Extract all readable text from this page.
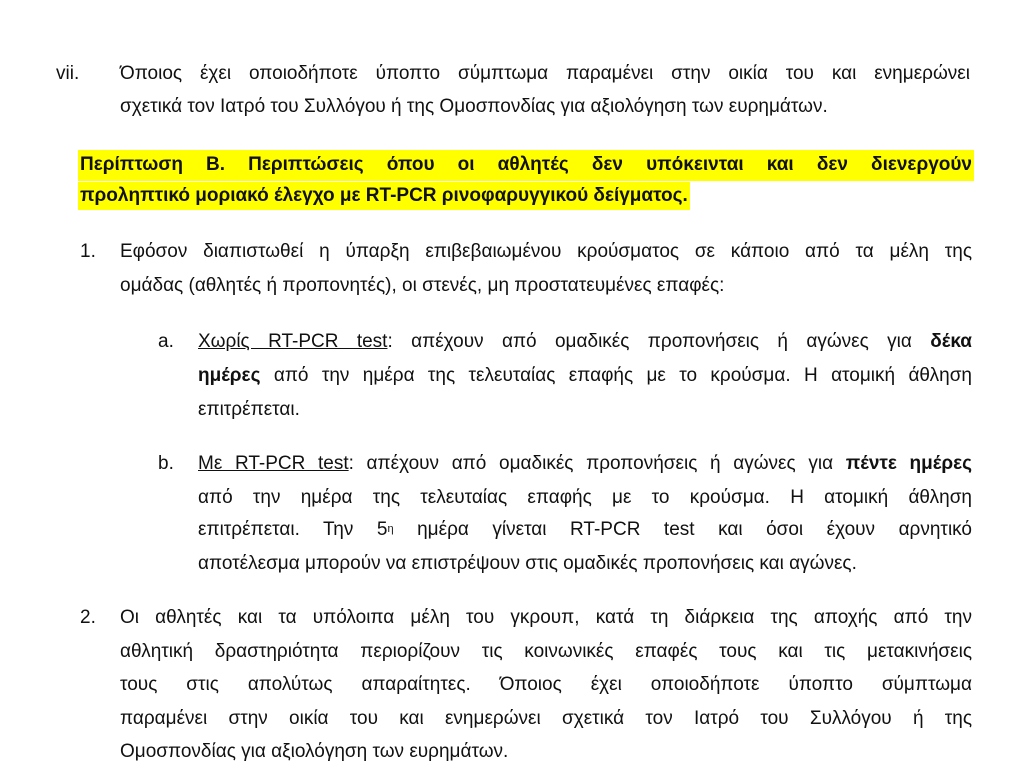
vii. Όποιος έχει οποιοδήποτε ύποπτο σύμπτωμα παραμένει στην οικία του και ενημερώνει
σχετικά τον Ιατρό του Συλλόγου ή της Ομοσπονδίας για αξιολόγηση των ευρημάτων.
Περίπτωση Β. Περιπτώσεις όπου οι αθλητές δεν υπόκεινται και δεν διενεργούν
προληπτικό μοριακό έλεγχο με RT-PCR ρινοφαρυγγικού δείγματος.
1. Εφόσον διαπιστωθεί η ύπαρξη επιβεβαιωμένου κρούσματος σε κάποιο από τα μέλη της
ομάδας (αθλητές ή προπονητές), οι στενές, μη προστατευμένες επαφές:
a. Χωρίς RT-PCR test: απέχουν από ομαδικές προπονήσεις ή αγώνες για δέκα
ημέρες από την ημέρα της τελευταίας επαφής με το κρούσμα. Η ατομική άθληση
επιτρέπεται.
b. Με RT-PCR test: απέχουν από ομαδικές προπονήσεις ή αγώνες για πέντε ημέρες
από την ημέρα της τελευταίας επαφής με το κρούσμα. Η ατομική άθληση
επιτρέπεται. Την $5^\eta$ ημέρα γίνεται RT-PCR test και όσοι έχουν αρνητικό
αποτέλεσμα μπορούν να επιστρέψουν στις ομαδικές προπονήσεις και αγώνες.
2. Οι αθλητές και τα υπόλοιπα μέλη του γκρουπ, κατά τη διάρκεια της αποχής από την
αθλητική δραστηριότητα περιορίζουν τις κοινωνικές επαφές τους και τις μετακινήσεις
τους στις απολύτως απαραίτητες. Όποιος έχει οποιοδήποτε ύποπτο σύμπτωμα
παραμένει στην οικία του και ενημερώνει σχετικά τον Ιατρό του Συλλόγου ή της
Ομοσπονδίας για αξιολόγηση των ευρημάτων.
